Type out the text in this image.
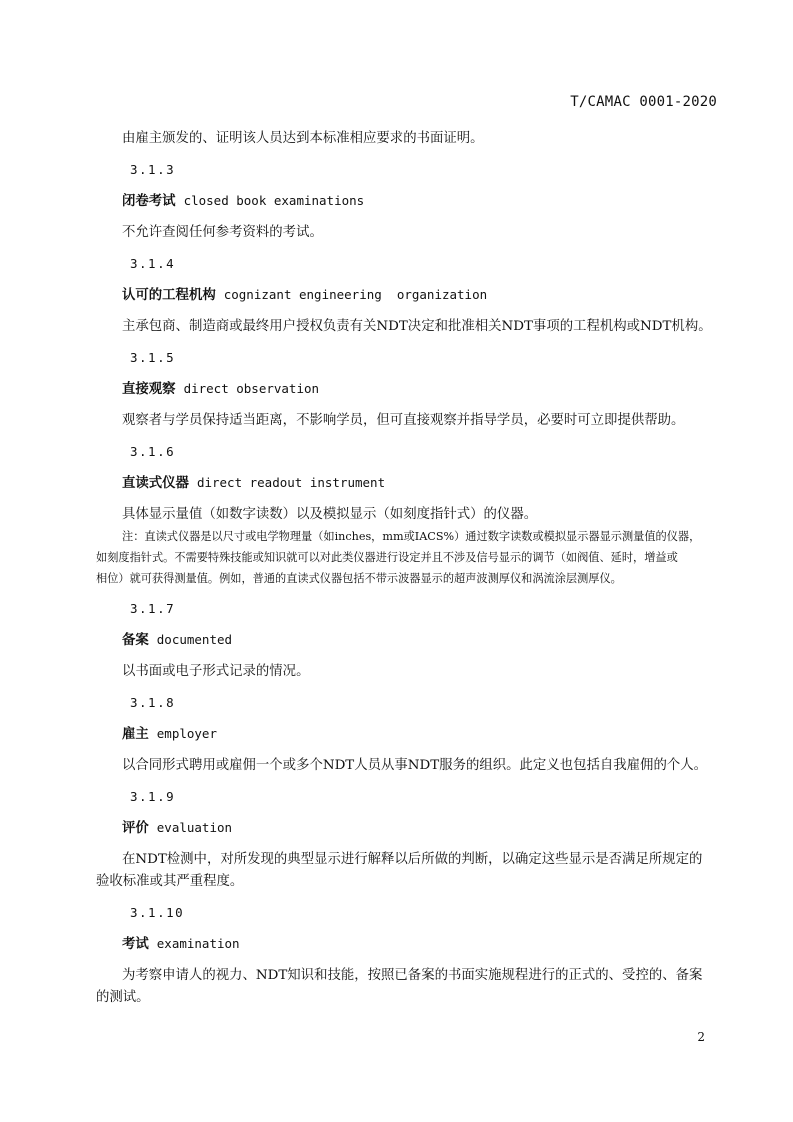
T/CAMAC 0001-2020

由雇主颁发的、证明该人员达到本标准相应要求的书面证明。

3.1.3

闭卷考试 closed book examinations

不允许查阅任何参考资料的考试。

3.1.4

认可的工程机构 cognizant engineering  organization

主承包商、制造商或最终用户授权负责有关NDT决定和批准相关NDT事项的工程机构或NDT机构。

3.1.5

直接观察 direct observation

观察者与学员保持适当距离，不影响学员，但可直接观察并指导学员，必要时可立即提供帮助。

3.1.6

直读式仪器 direct readout instrument

具体显示量值（如数字读数）以及模拟显示（如刻度指针式）的仪器。

注：直读式仪器是以尺寸或电学物理量（如inches，mm或IACS%）通过数字读数或模拟显示器显示测量值的仪器，

如刻度指针式。不需要特殊技能或知识就可以对此类仪器进行设定并且不涉及信号显示的调节（如阀值、延时，增益或

相位）就可获得测量值。例如，普通的直读式仪器包括不带示波器显示的超声波测厚仪和涡流涂层测厚仪。

3.1.7

备案 documented

以书面或电子形式记录的情况。

3.1.8

雇主 employer

以合同形式聘用或雇佣一个或多个NDT人员从事NDT服务的组织。此定义也包括自我雇佣的个人。

3.1.9

评价 evaluation

在NDT检测中，对所发现的典型显示进行解释以后所做的判断，以确定这些显示是否满足所规定的

验收标准或其严重程度。

3.1.10

考试 examination

为考察申请人的视力、NDT知识和技能，按照已备案的书面实施规程进行的正式的、受控的、备案

的测试。

2
